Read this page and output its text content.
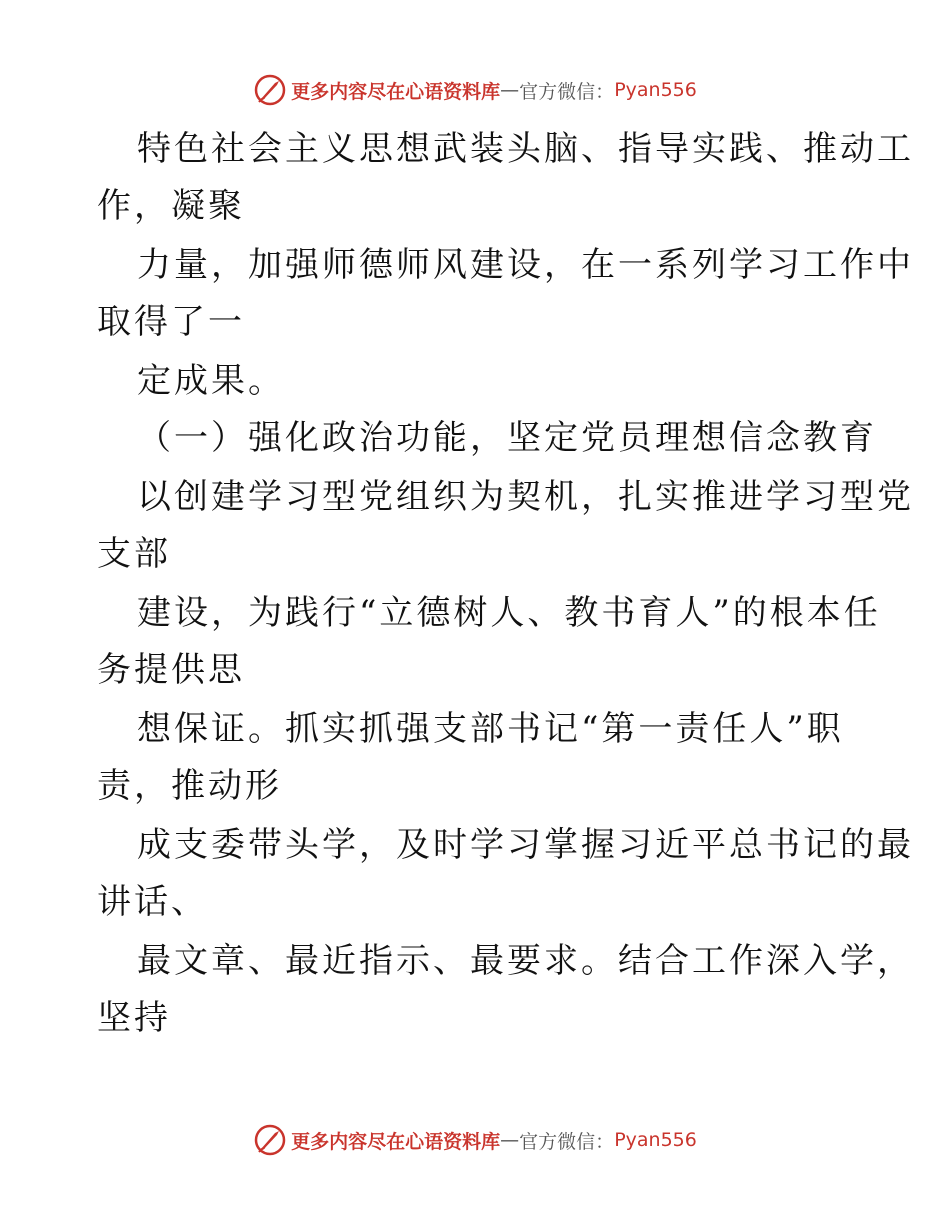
更多内容尽在心语资料库 — 官方微信： Pyan556
特色社会主义思想武装头脑、指导实践、推动工
作，凝聚
力量，加强师德师风建设，在一系列学习工作中
取得了一
定成果。
（一）强化政治功能，坚定党员理想信念教育
以创建学习型党组织为契机，扎实推进学习型党
支部
建设，为践行“立德树人、教书育人”的根本任
务提供思
想保证。抓实抓强支部书记“第一责任人”职
责，推动形
成支委带头学，及时学习掌握习近平总书记的最
讲话、
最文章、最近指示、最要求。结合工作深入学，
坚持
更多内容尽在心语资料库 — 官方微信： Pyan556
